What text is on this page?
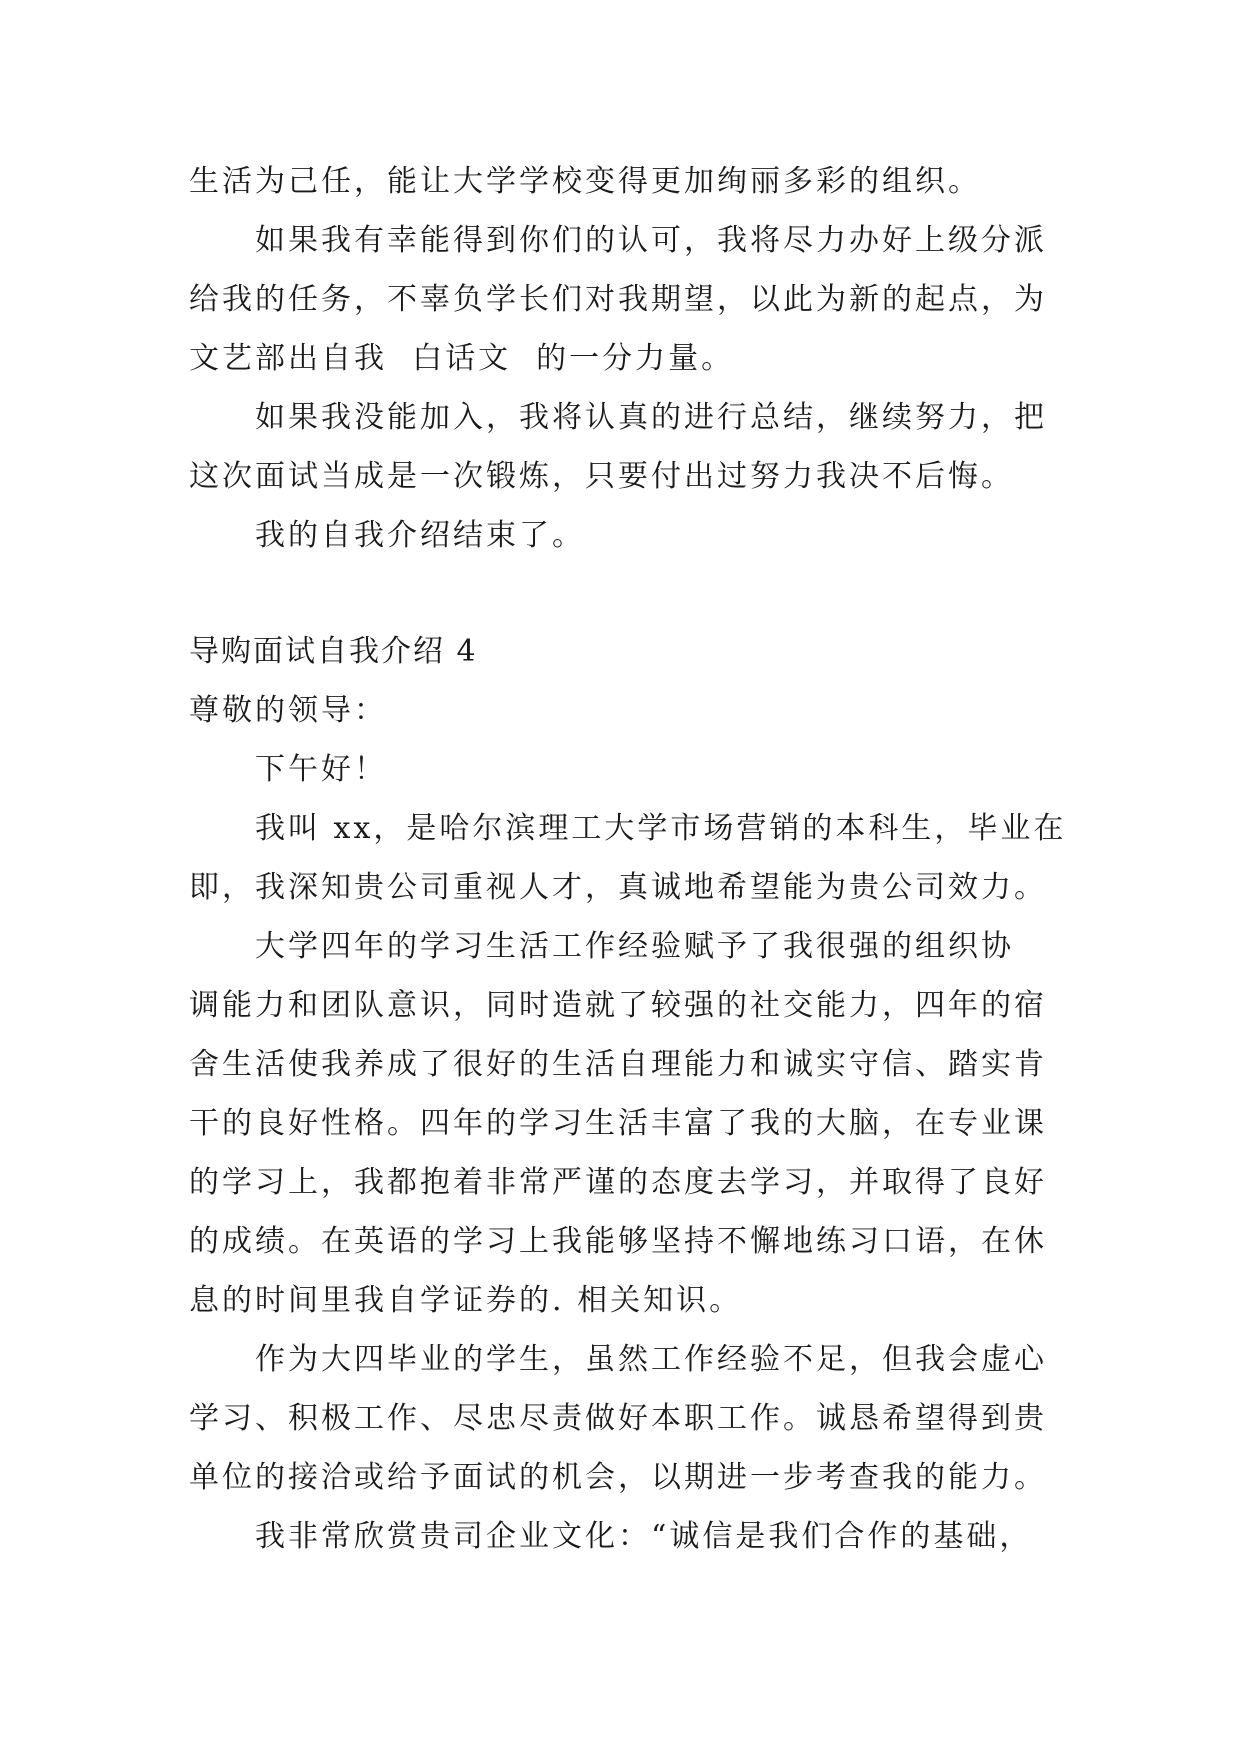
生活为己任，能让大学学校变得更加绚丽多彩的组织。
如果我有幸能得到你们的认可，我将尽力办好上级分派
给我的任务，不辜负学长们对我期望，以此为新的起点，为
文艺部出自我  白话文  的一分力量。
如果我没能加入，我将认真的进行总结，继续努力，把
这次面试当成是一次锻炼，只要付出过努力我决不后悔。
我的自我介绍结束了。
导购面试自我介绍 4
尊敬的领导：
下午好！
我叫 xx，是哈尔滨理工大学市场营销的本科生，毕业在
即，我深知贵公司重视人才，真诚地希望能为贵公司效力。
大学四年的学习生活工作经验赋予了我很强的组织协
调能力和团队意识，同时造就了较强的社交能力，四年的宿
舍生活使我养成了很好的生活自理能力和诚实守信、踏实肯
干的良好性格。四年的学习生活丰富了我的大脑，在专业课
的学习上，我都抱着非常严谨的态度去学习，并取得了良好
的成绩。在英语的学习上我能够坚持不懈地练习口语，在休
息的时间里我自学证券的. 相关知识。
作为大四毕业的学生，虽然工作经验不足，但我会虚心
学习、积极工作、尽忠尽责做好本职工作。诚恳希望得到贵
单位的接洽或给予面试的机会，以期进一步考查我的能力。
我非常欣赏贵司企业文化：“诚信是我们合作的基础，
